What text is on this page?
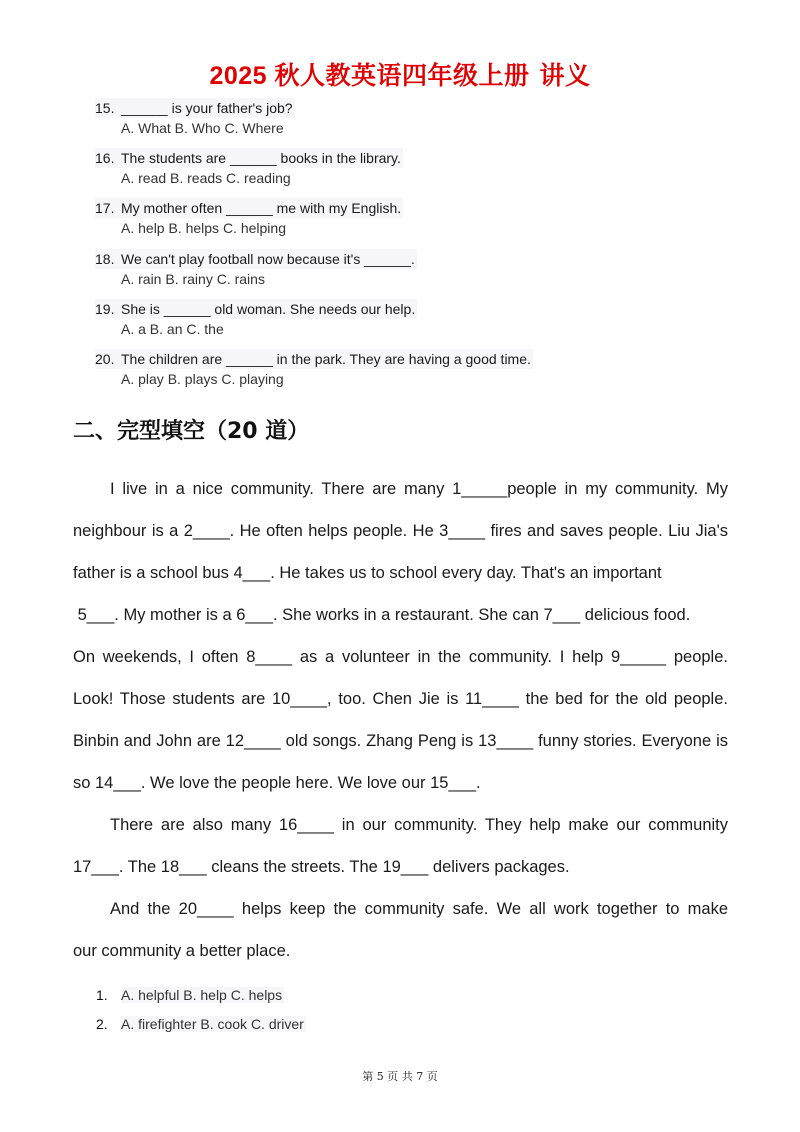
2025 秋人教英语四年级上册 讲义
15. ______ is your father's job?
A. What B. Who C. Where
16. The students are ______ books in the library.
A. read B. reads C. reading
17. My mother often ______ me with my English.
A. help B. helps C. helping
18. We can't play football now because it's ______.
A. rain B. rainy C. rains
19. She is ______ old woman. She needs our help.
A. a B. an C. the
20. The children are ______ in the park. They are having a good time.
A. play B. plays C. playing
二、完型填空（20 道）

I live in a nice community. There are many 1_____people in my community. My
neighbour is a 2____. He often helps people. He 3____ fires and saves people. Liu Jia's
father is a school bus 4___. He takes us to school every day. That's an important
5___. My mother is a 6___. She works in a restaurant. She can 7___ delicious food.
On weekends, I often 8____ as a volunteer in the community. I help 9_____ people.
Look! Those students are 10____, too. Chen Jie is 11____ the bed for the old people.
Binbin and John are 12____ old songs. Zhang Peng is 13____ funny stories. Everyone is
so 14___. We love the people here. We love our 15___.

There are also many 16____ in our community. They help make our community
17___. The 18___ cleans the streets. The 19___ delivers packages.

And the 20____ helps keep the community safe. We all work together to make
our community a better place.

1. A. helpful B. help C. helps
2. A. firefighter B. cook C. driver
第 5 页 共 7 页
